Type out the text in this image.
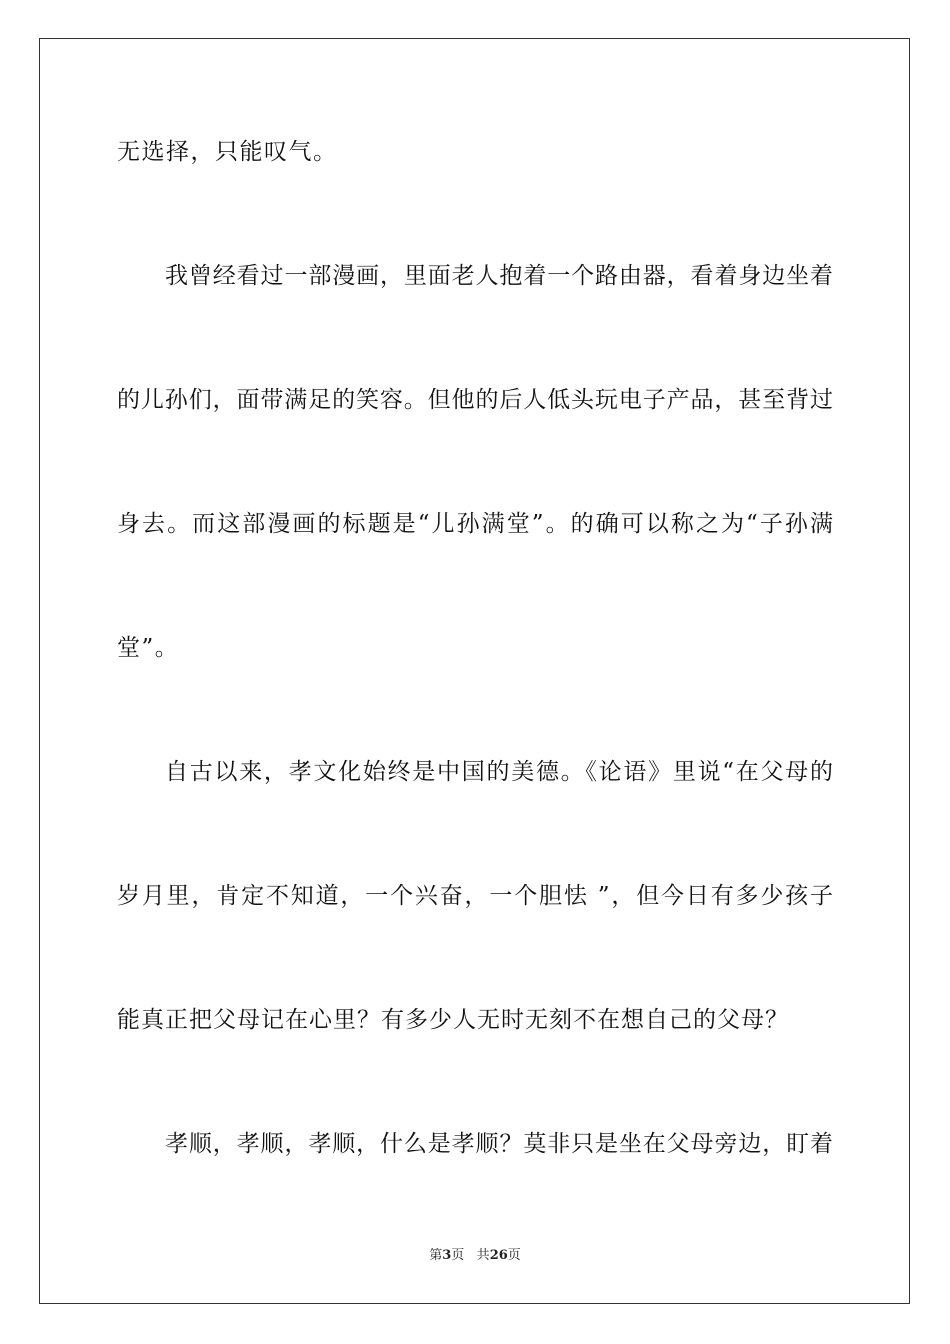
无选择，只能叹气。
我曾经看过一部漫画，里面老人抱着一个路由器，看着身边坐着
的儿孙们，面带满足的笑容。但他的后人低头玩电子产品，甚至背过
身去。而这部漫画的标题是“儿孙满堂”。的确可以称之为“子孙满
堂”。
自古以来，孝文化始终是中国的美德。《论语》里说“在父母的
岁月里，肯定不知道，一个兴奋，一个胆怯 ”，但今日有多少孩子
能真正把父母记在心里？有多少人无时无刻不在想自己的父母？
孝顺，孝顺，孝顺，什么是孝顺？莫非只是坐在父母旁边，盯着
第3页 共26页
